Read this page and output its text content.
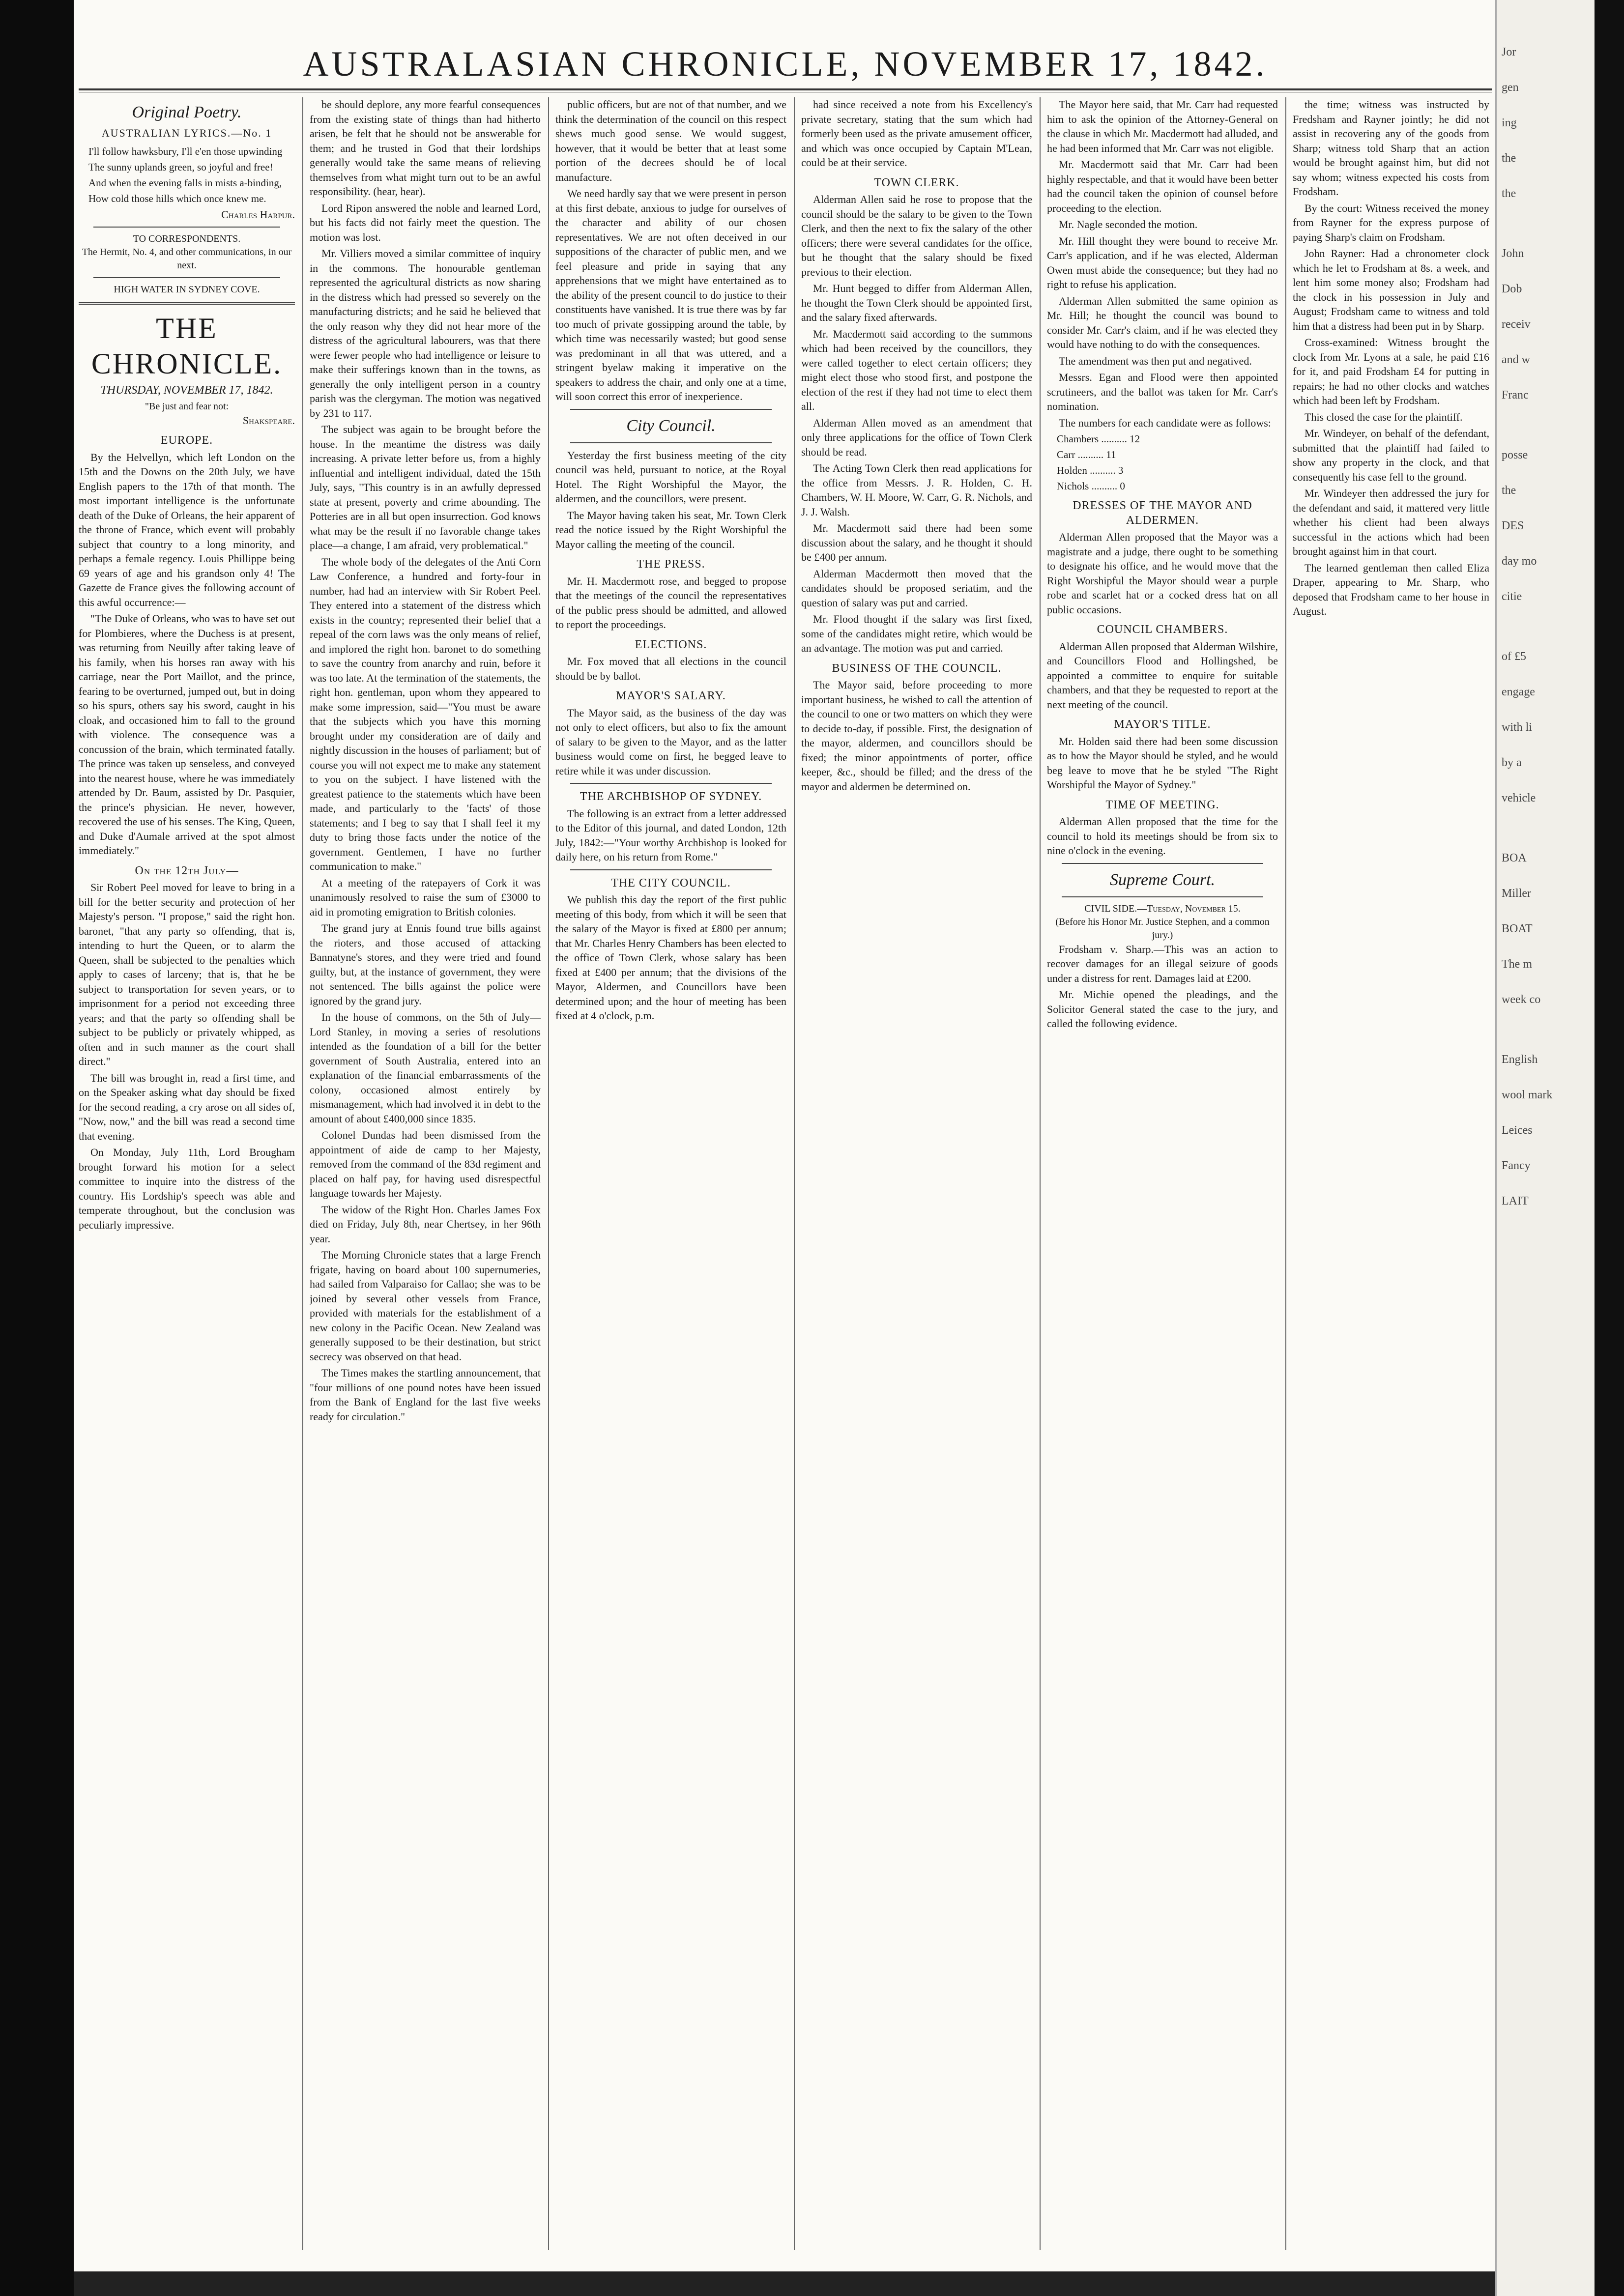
AUSTRALASIAN CHRONICLE, NOVEMBER 17, 1842.
Original Poetry.
AUSTRALIAN LYRICS.—No. 1

I'll follow hawksbury, I'll e'en those upwinding

The sunny uplands green, so joyful and free!

And when the evening falls in mists a-binding,

How cold those hills which once knew me.

Charles Harpur.
TO CORRESPONDENTS.
The Hermit, No. 4, and other communications, in our next.
HIGH WATER IN SYDNEY COVE.
THE CHRONICLE.
THURSDAY, NOVEMBER 17, 1842.
"Be just and fear not:
Shakspeare.
EUROPE.

By the Helvellyn, which left London on the 15th and the Downs on the 20th July, we have English papers to the 17th of that month. The most important intelligence is the unfortunate death of the Duke of Orleans, the heir apparent of the throne of France, which event will probably subject that country to a long minority, and perhaps a female regency. Louis Phillippe being 69 years of age and his grandson only 4! The Gazette de France gives the following account of this awful occurrence:—

"The Duke of Orleans, who was to have set out for Plombieres, where the Duchess is at present, was returning from Neuilly after taking leave of his family, when his horses ran away with his carriage, near the Port Maillot, and the prince, fearing to be overturned, jumped out, but in doing so his spurs, others say his sword, caught in his cloak, and occasioned him to fall to the ground with violence. The consequence was a concussion of the brain, which terminated fatally. The prince was taken up senseless, and conveyed into the nearest house, where he was immediately attended by Dr. Baum, assisted by Dr. Pasquier, the prince's physician. He never, however, recovered the use of his senses. The King, Queen, and Duke d'Aumale arrived at the spot almost immediately."

On the 12th July—

Sir Robert Peel moved for leave to bring in a bill for the better security and protection of her Majesty's person. "I propose," said the right hon. baronet, "that any party so offending, that is, intending to hurt the Queen, or to alarm the Queen, shall be subjected to the penalties which apply to cases of larceny; that is, that he be subject to transportation for seven years, or to imprisonment for a period not exceeding three years; and that the party so offending shall be subject to be publicly or privately whipped, as often and in such manner as the court shall direct."

The bill was brought in, read a first time, and on the Speaker asking what day should be fixed for the second reading, a cry arose on all sides of, "Now, now," and the bill was read a second time that evening.

On Monday, July 11th, Lord Brougham brought forward his motion for a select committee to inquire into the distress of the country. His Lordship's speech was able and temperate throughout, but the conclusion was peculiarly impressive.

be should deplore, any more fearful consequences from the existing state of things than had hitherto arisen, be felt that he should not be answerable for them; and he trusted in God that their lordships generally would take the same means of relieving themselves from what might turn out to be an awful responsibility. (hear, hear).

Lord Ripon answered the noble and learned Lord, but his facts did not fairly meet the question. The motion was lost.

Mr. Villiers moved a similar committee of inquiry in the commons. The honourable gentleman represented the agricultural districts as now sharing in the distress which had pressed so severely on the manufacturing districts; and he said he believed that the only reason why they did not hear more of the distress of the agricultural labourers, was that there were fewer people who had intelligence or leisure to make their sufferings known than in the towns, as generally the only intelligent person in a country parish was the clergyman. The motion was negatived by 231 to 117.

The subject was again to be brought before the house. In the meantime the distress was daily increasing. A private letter before us, from a highly influential and intelligent individual, dated the 15th July, says, "This country is in an awfully depressed state at present, poverty and crime abounding. The Potteries are in all but open insurrection. God knows what may be the result if no favorable change takes place—a change, I am afraid, very problematical."

The whole body of the delegates of the Anti Corn Law Conference, a hundred and forty-four in number, had had an interview with Sir Robert Peel. They entered into a statement of the distress which exists in the country; represented their belief that a repeal of the corn laws was the only means of relief, and implored the right hon. baronet to do something to save the country from anarchy and ruin, before it was too late. At the termination of the statements, the right hon. gentleman, upon whom they appeared to make some impression, said—"You must be aware that the subjects which you have this morning brought under my consideration are of daily and nightly discussion in the houses of parliament; but of course you will not expect me to make any statement to you on the subject. I have listened with the greatest patience to the statements which have been made, and particularly to the 'facts' of those statements; and I beg to say that I shall feel it my duty to bring those facts under the notice of the government. Gentlemen, I have no further communication to make."

At a meeting of the ratepayers of Cork it was unanimously resolved to raise the sum of £3000 to aid in promoting emigration to British colonies.

The grand jury at Ennis found true bills against the rioters, and those accused of attacking Bannatyne's stores, and they were tried and found guilty, but, at the instance of government, they were not sentenced. The bills against the police were ignored by the grand jury.

In the house of commons, on the 5th of July— Lord Stanley, in moving a series of resolutions intended as the foundation of a bill for the better government of South Australia, entered into an explanation of the financial embarrassments of the colony, occasioned almost entirely by mismanagement, which had involved it in debt to the amount of about £400,000 since 1835.

Colonel Dundas had been dismissed from the appointment of aide de camp to her Majesty, removed from the command of the 83d regiment and placed on half pay, for having used disrespectful language towards her Majesty.

The widow of the Right Hon. Charles James Fox died on Friday, July 8th, near Chertsey, in her 96th year.

The Morning Chronicle states that a large French frigate, having on board about 100 supernumeries, had sailed from Valparaiso for Callao; she was to be joined by several other vessels from France, provided with materials for the establishment of a new colony in the Pacific Ocean. New Zealand was generally supposed to be their destination, but strict secrecy was observed on that head.

The Times makes the startling announcement, that "four millions of one pound notes have been issued from the Bank of England for the last five weeks ready for circulation."

public officers, but are not of that number, and we think the determination of the council on this respect shews much good sense. We would suggest, however, that it would be better that at least some portion of the decrees should be of local manufacture.

We need hardly say that we were present in person at this first debate, anxious to judge for ourselves of the character and ability of our chosen representatives. We are not often deceived in our suppositions of the character of public men, and we feel pleasure and pride in saying that any apprehensions that we might have entertained as to the ability of the present council to do justice to their constituents have vanished. It is true there was by far too much of private gossipping around the table, by which time was necessarily wasted; but good sense was predominant in all that was uttered, and a stringent byelaw making it imperative on the speakers to address the chair, and only one at a time, will soon correct this error of inexperience.

City Council.

Yesterday the first business meeting of the city council was held, pursuant to notice, at the Royal Hotel. The Right Worshipful the Mayor, the aldermen, and the councillors, were present.

The Mayor having taken his seat, Mr. Town Clerk read the notice issued by the Right Worshipful the Mayor calling the meeting of the council.

THE PRESS.

Mr. H. Macdermott rose, and begged to propose that the meetings of the council the representatives of the public press should be admitted, and allowed to report the proceedings.

ELECTIONS.

Mr. Fox moved that all elections in the council should be by ballot.

MAYOR'S SALARY.

The Mayor said, as the business of the day was not only to elect officers, but also to fix the amount of salary to be given to the Mayor, and as the latter business would come on first, he begged leave to retire while it was under discussion.

THE ARCHBISHOP OF SYDNEY.

The following is an extract from a letter addressed to the Editor of this journal, and dated London, 12th July, 1842:—"Your worthy Archbishop is looked for daily here, on his return from Rome."

THE CITY COUNCIL.

We publish this day the report of the first public meeting of this body, from which it will be seen that the salary of the Mayor is fixed at £800 per annum; that Mr. Charles Henry Chambers has been elected to the office of Town Clerk, whose salary has been fixed at £400 per annum; that the divisions of the Mayor, Aldermen, and Councillors have been determined upon; and the hour of meeting has been fixed at 4 o'clock, p.m.

had since received a note from his Excellency's private secretary, stating that the sum which had formerly been used as the private amusement officer, and which was once occupied by Captain M'Lean, could be at their service.

TOWN CLERK.

Alderman Allen said he rose to propose that the council should be the salary to be given to the Town Clerk, and then the next to fix the salary of the other officers; there were several candidates for the office, but he thought that the salary should be fixed previous to their election.

Mr. Hunt begged to differ from Alderman Allen, he thought the Town Clerk should be appointed first, and the salary fixed afterwards.

Mr. Macdermott said according to the summons which had been received by the councillors, they were called together to elect certain officers; they might elect those who stood first, and postpone the election of the rest if they had not time to elect them all.

Alderman Allen moved as an amendment that only three applications for the office of Town Clerk should be read.

The Acting Town Clerk then read applications for the office from Messrs. J. R. Holden, C. H. Chambers, W. H. Moore, W. Carr, G. R. Nichols, and J. J. Walsh.

Mr. Macdermott said there had been some discussion about the salary, and he thought it should be £400 per annum.

Alderman Macdermott then moved that the candidates should be proposed seriatim, and the question of salary was put and carried.

Mr. Flood thought if the salary was first fixed, some of the candidates might retire, which would be an advantage. The motion was put and carried.

BUSINESS OF THE COUNCIL.

The Mayor said, before proceeding to more important business, he wished to call the attention of the council to one or two matters on which they were to decide to-day, if possible. First, the designation of the mayor, aldermen, and councillors should be fixed; the minor appointments of porter, office keeper, &c., should be filled; and the dress of the mayor and aldermen be determined on.

The Mayor here said, that Mr. Carr had requested him to ask the opinion of the Attorney-General on the clause in which Mr. Macdermott had alluded, and he had been informed that Mr. Carr was not eligible.

Mr. Macdermott said that Mr. Carr had been highly respectable, and that it would have been better had the council taken the opinion of counsel before proceeding to the election.

Mr. Nagle seconded the motion.

Mr. Hill thought they were bound to receive Mr. Carr's application, and if he was elected, Alderman Owen must abide the consequence; but they had no right to refuse his application.

Alderman Allen submitted the same opinion as Mr. Hill; he thought the council was bound to consider Mr. Carr's claim, and if he was elected they would have nothing to do with the consequences.

The amendment was then put and negatived.

Messrs. Egan and Flood were then appointed scrutineers, and the ballot was taken for Mr. Carr's nomination.

The numbers for each candidate were as follows:

Chambers .......... 12

Carr .......... 11

Holden .......... 3

Nichols .......... 0

DRESSES OF THE MAYOR AND ALDERMEN.

Alderman Allen proposed that the Mayor was a magistrate and a judge, there ought to be something to designate his office, and he would move that the Right Worshipful the Mayor should wear a purple robe and scarlet hat or a cocked dress hat on all public occasions.

COUNCIL CHAMBERS.

Alderman Allen proposed that Alderman Wilshire, and Councillors Flood and Hollingshed, be appointed a committee to enquire for suitable chambers, and that they be requested to report at the next meeting of the council.

MAYOR'S TITLE.

Mr. Holden said there had been some discussion as to how the Mayor should be styled, and he would beg leave to move that he be styled "The Right Worshipful the Mayor of Sydney."

TIME OF MEETING.

Alderman Allen proposed that the time for the council to hold its meetings should be from six to nine o'clock in the evening.

Supreme Court.
CIVIL SIDE.—Tuesday, November 15.
(Before his Honor Mr. Justice Stephen, and a common jury.)

Frodsham v. Sharp.—This was an action to recover damages for an illegal seizure of goods under a distress for rent. Damages laid at £200.

Mr. Michie opened the pleadings, and the Solicitor General stated the case to the jury, and called the following evidence.

the time; witness was instructed by Fredsham and Rayner jointly; he did not assist in recovering any of the goods from Sharp; witness told Sharp that an action would be brought against him, but did not say whom; witness expected his costs from Frodsham.

By the court: Witness received the money from Rayner for the express purpose of paying Sharp's claim on Frodsham.

John Rayner: Had a chronometer clock which he let to Frodsham at 8s. a week, and lent him some money also; Frodsham had the clock in his possession in July and August; Frodsham came to witness and told him that a distress had been put in by Sharp.

Cross-examined: Witness brought the clock from Mr. Lyons at a sale, he paid £16 for it, and paid Frodsham £4 for putting in repairs; he had no other clocks and watches which had been left by Frodsham.

This closed the case for the plaintiff.

Mr. Windeyer, on behalf of the defendant, submitted that the plaintiff had failed to show any property in the clock, and that consequently his case fell to the ground.

Mr. Windeyer then addressed the jury for the defendant and said, it mattered very little whether his client had been always successful in the actions which had been brought against him in that court.

The learned gentleman then called Eliza Draper, appearing to Mr. Sharp, who deposed that Frodsham came to her house in August.

Jor
gen
ing
the
the
John
Dob
receiv
and w
Franc
posse
the
DES
day mo
citie
of £5
engage
with li
by a
vehicle
BOA
Miller
BOAT
The m
week co
English
wool mark
Leices
Fancy
LAIT
